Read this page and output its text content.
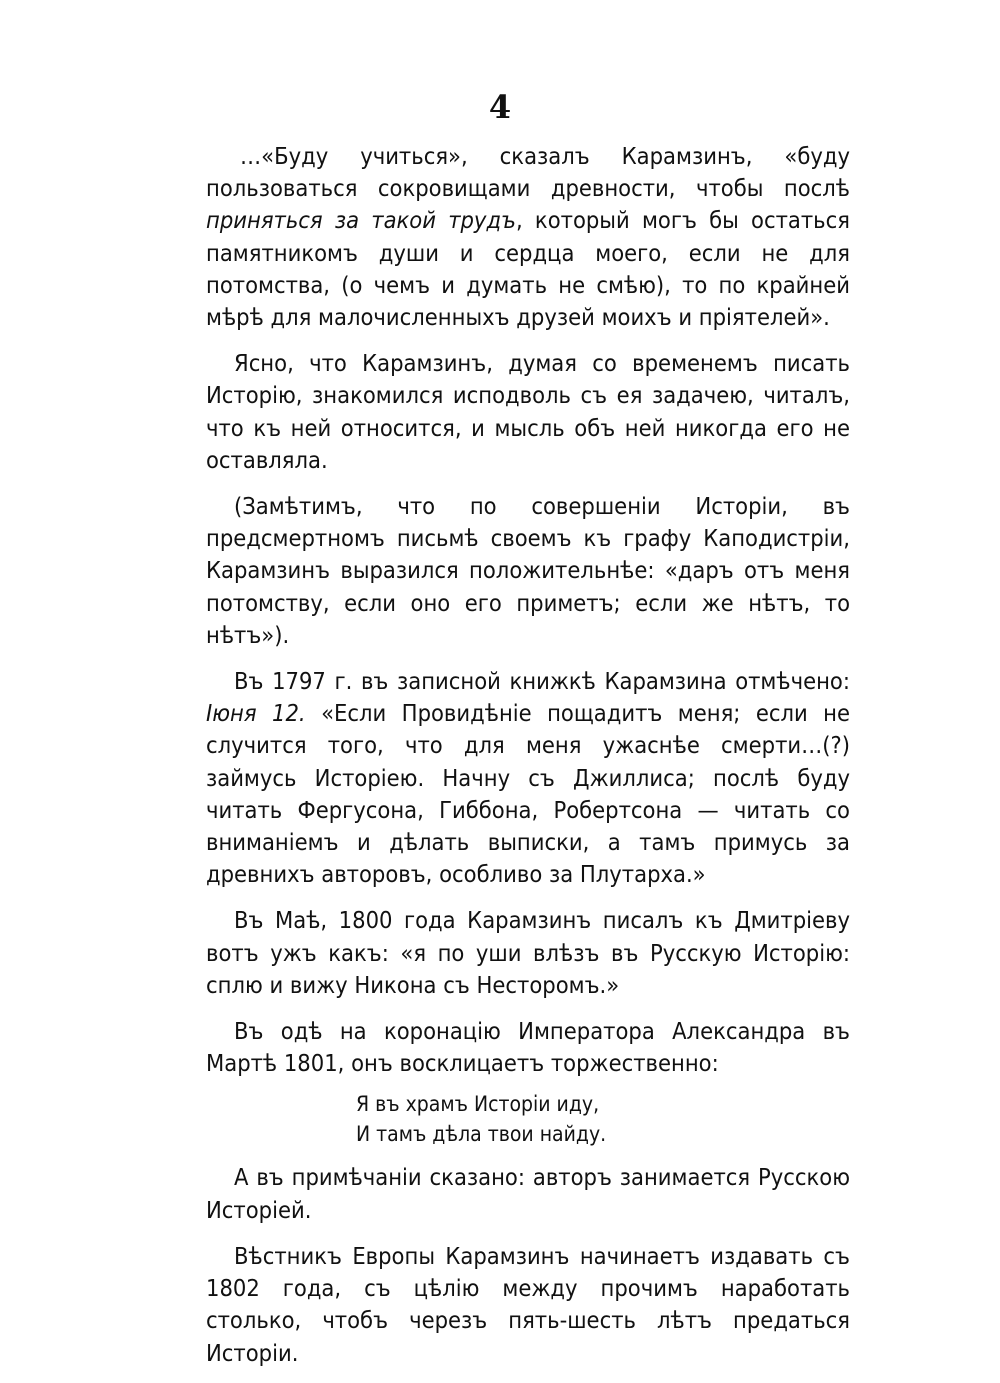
4

…«Буду учиться», сказалъ Карамзинъ, «буду пользоваться сокровищами древности, чтобы послѣ приняться за такой трудъ, который могъ бы остаться памятникомъ души и сердца моего, если не для потомства, (о чемъ и думать не смѣю), то по крайней мѣрѣ для малочисленныхъ друзей моихъ и прiятелей».

Ясно, что Карамзинъ, думая со временемъ писать Исторiю, знакомился исподволь съ ея задачею, читалъ, что къ ней относится, и мысль объ ней никогда его не оставляла.

(Замѣтимъ, что по совершенiи Исторiи, въ предсмертномъ письмѣ своемъ къ графу Каподистрiи, Карамзинъ выразился положительнѣе: «даръ отъ меня потомству, если оно его приметъ; если же нѣтъ, то нѣтъ»).

Въ 1797 г. въ записной книжкѣ Карамзина отмѣчено: Iюня 12. «Если Провидѣнiе пощадитъ меня; если не случится того, что для меня ужаснѣе смерти…(?) займусь Исторiею. Начну съ Джиллиса; послѣ буду читать Фергусона, Гиббона, Робертсона — читать со вниманiемъ и дѣлать выписки, а тамъ примусь за древнихъ авторовъ, особливо за Плутарха.»

Въ Маѣ, 1800 года Карамзинъ писалъ къ Дмитрiеву вотъ ужъ какъ: «я по уши влѣзъ въ Русскую Исторiю: сплю и вижу Никона съ Несторомъ.»

Въ одѣ на коронацiю Императора Александра въ Мартѣ 1801, онъ восклицаетъ торжественно:

Я въ храмъ Исторiи иду,
И тамъ дѣла твои найду.

А въ примѣчанiи сказано: авторъ занимается Русскою Исторiей.

Вѣстникъ Европы Карамзинъ начинаетъ издавать съ 1802 года, съ цѣлiю между прочимъ наработать столько, чтобъ черезъ пять-шесть лѣтъ предаться Исторiи.
